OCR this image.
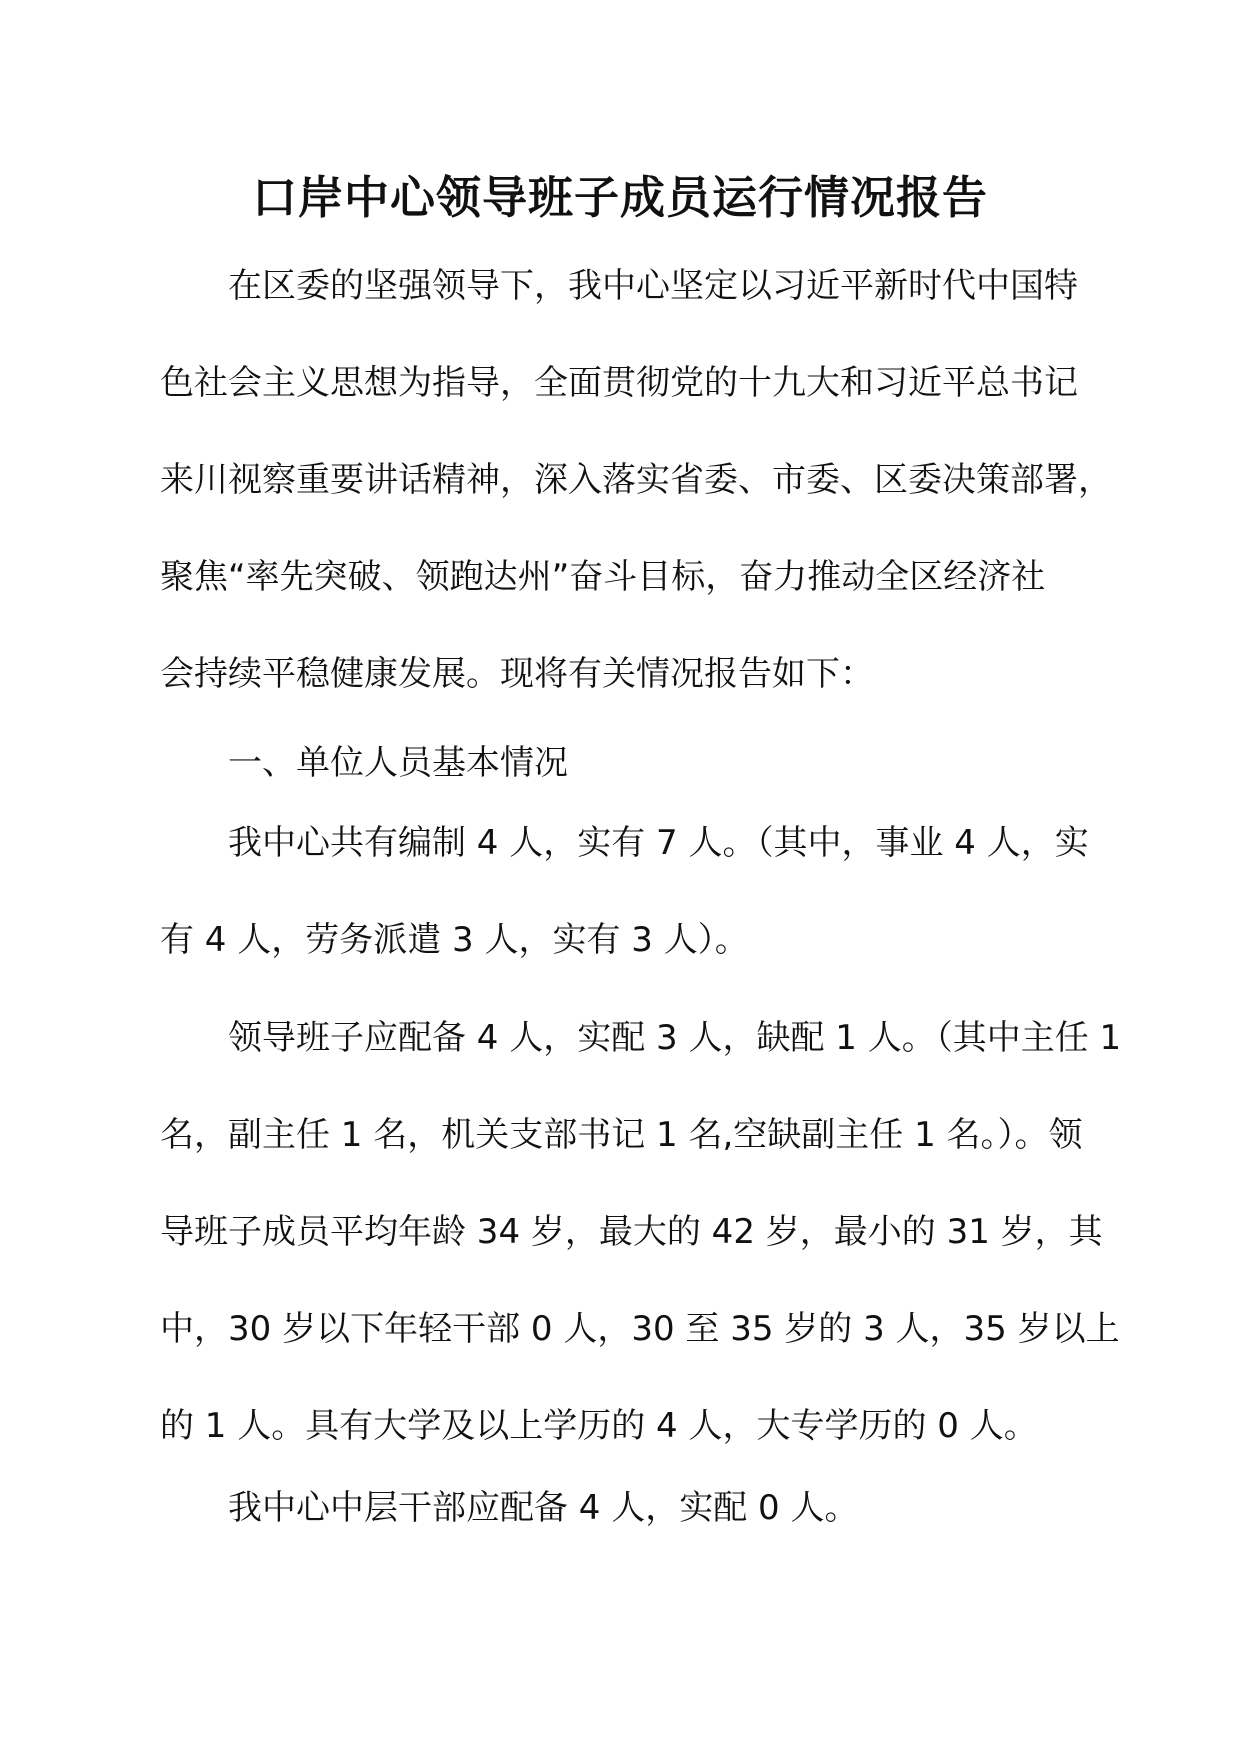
口岸中心领导班子成员运行情况报告
在区委的坚强领导下，我中心坚定以习近平新时代中国特
色社会主义思想为指导，全面贯彻党的十九大和习近平总书记
来川视察重要讲话精神，深入落实省委、市委、区委决策部署，
聚焦“率先突破、领跑达州”奋斗目标，奋力推动全区经济社
会持续平稳健康发展。现将有关情况报告如下：
一、单位人员基本情况
我中心共有编制 4 人，实有 7 人。（其中，事业 4 人，实
有 4 人，劳务派遣 3 人，实有 3 人）。
领导班子应配备 4 人，实配 3 人，缺配 1 人。（其中主任 1
名，副主任 1 名，机关支部书记 1 名,空缺副主任 1 名。）。领
导班子成员平均年龄 34 岁，最大的 42 岁，最小的 31 岁，其
中，30 岁以下年轻干部 0 人，30 至 35 岁的 3 人，35 岁以上
的 1 人。具有大学及以上学历的 4 人，大专学历的 0 人。
我中心中层干部应配备 4 人，实配 0 人。
